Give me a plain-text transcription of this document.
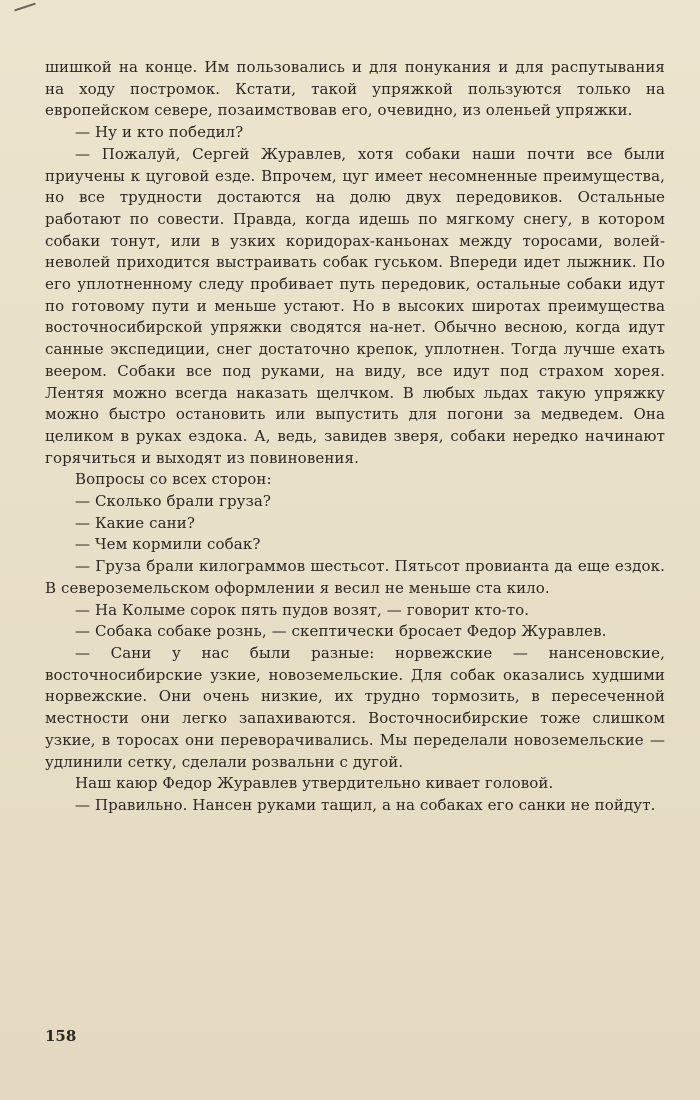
шишкой на конце. Им пользовались и для понукания и для распутывания на ходу постромок. Кстати, такой упряжкой пользуются только на европейском севере, позаимствовав его, очевидно, из оленьей упряжки.

— Ну и кто победил?

— Пожалуй, Сергей Журавлев, хотя собаки наши почти все были приучены к цуговой езде. Впрочем, цуг имеет несомненные преимущества, но все трудности достаются на долю двух передовиков. Остальные работают по совести. Правда, когда идешь по мягкому снегу, в котором собаки тонут, или в узких коридорах-каньонах между торосами, волей-неволей приходится выстраивать собак гуськом. Впереди идет лыжник. По его уплотненному следу пробивает путь передовик, остальные собаки идут по готовому пути и меньше устают. Но в высоких широтах преимущества восточносибирской упряжки сводятся на-нет. Обычно весною, когда идут санные экспедиции, снег достаточно крепок, уплотнен. Тогда лучше ехать веером. Собаки все под руками, на виду, все идут под страхом хорея. Лентяя можно всегда наказать щелчком. В любых льдах такую упряжку можно быстро остановить или выпустить для погони за медведем. Она целиком в руках ездока. А, ведь, завидев зверя, собаки нередко начинают горячиться и выходят из повиновения.

Вопросы со всех сторон:

— Сколько брали груза?

— Какие сани?

— Чем кормили собак?

— Груза брали килограммов шестьсот. Пятьсот провианта да еще ездок. В североземельском оформлении я весил не меньше ста кило.

— На Колыме сорок пять пудов возят, — говорит кто-то.

— Собака собаке рознь, — скептически бросает Федор Журавлев.

— Сани у нас были разные: норвежские — нансеновские, восточносибирские узкие, новоземельские. Для собак оказались худшими норвежские. Они очень низкие, их трудно тормозить, в пересеченной местности они легко запахиваются. Восточносибирские тоже слишком узкие, в торосах они переворачивались. Мы переделали новоземельские — удлинили сетку, сделали розвальни с дугой.

Наш каюр Федор Журавлев утвердительно кивает головой.

— Правильно. Нансен руками тащил, а на собаках его санки не пойдут.

158
